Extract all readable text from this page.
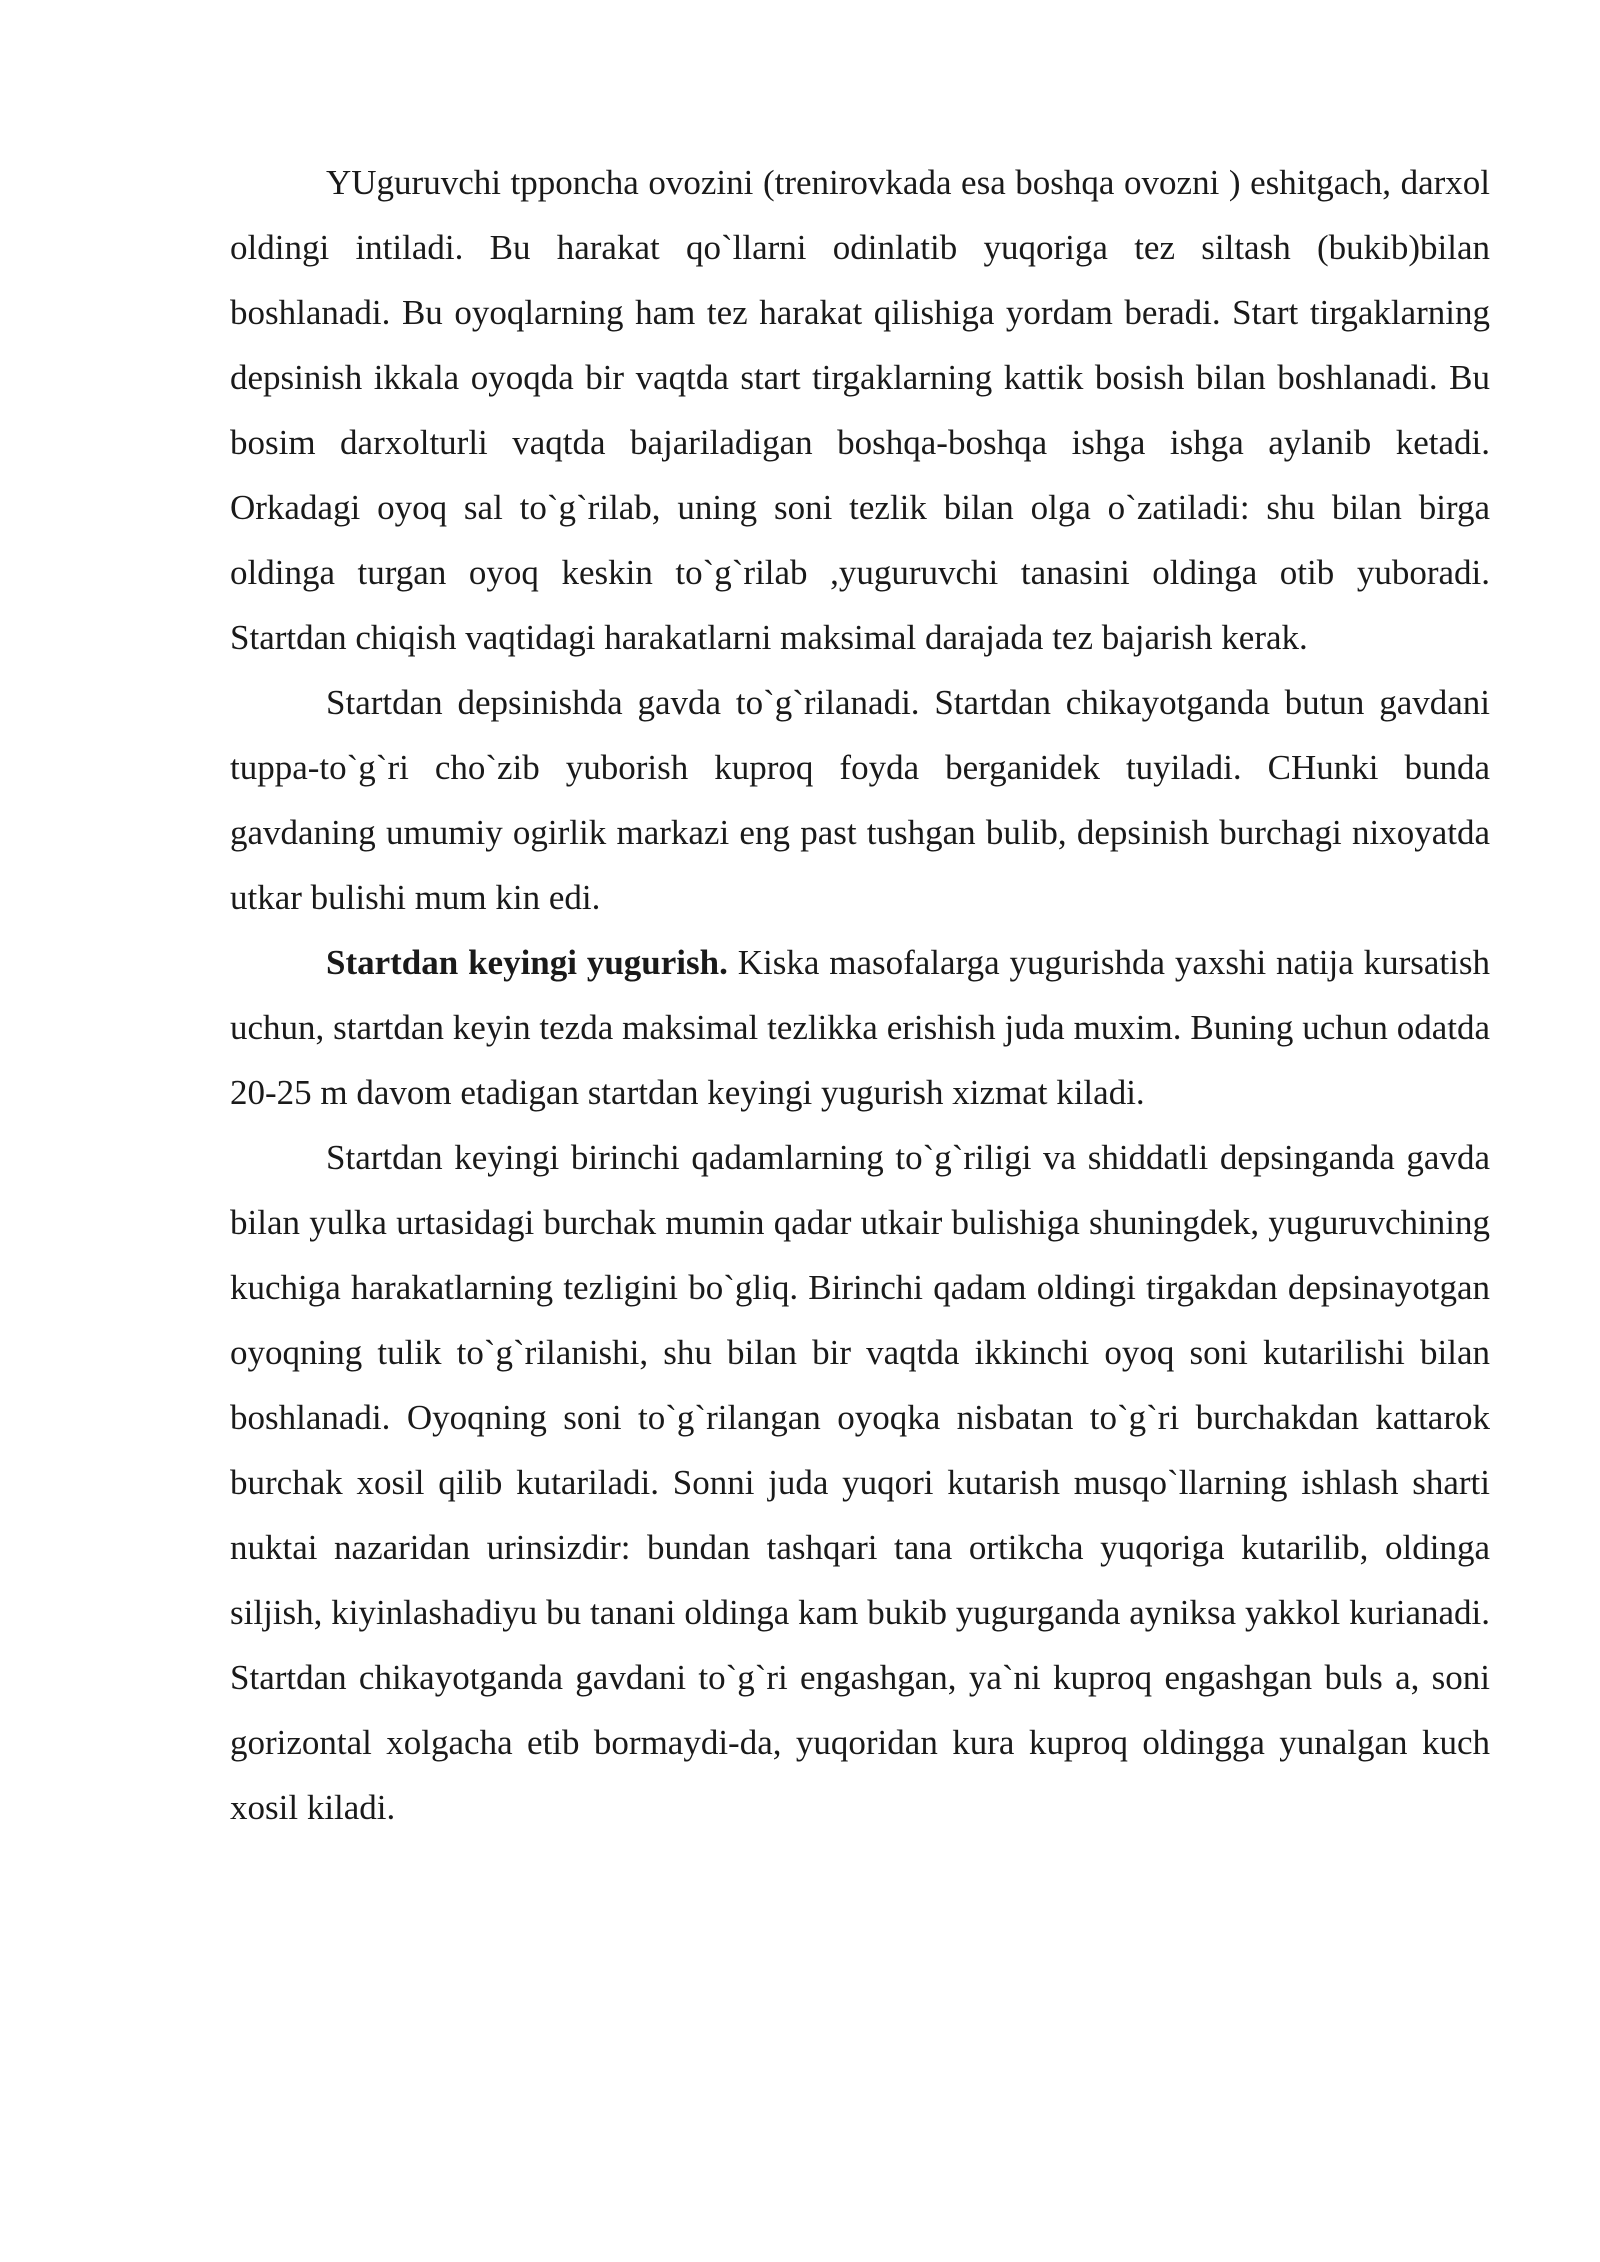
YUguruvchi tpponcha ovozini (trenirovkada esa boshqa ovozni ) eshitgach, darxol oldingi intiladi. Bu harakat qo`llarni odinlatib yuqoriga tez siltash (bukib)bilan boshlanadi. Bu oyoqlarning ham tez harakat qilishiga yordam beradi. Start tirgaklarning depsinish ikkala oyoqda bir vaqtda start tirgaklarning kattik bosish bilan boshlanadi. Bu bosim darxolturli vaqtda bajariladigan boshqa-boshqa ishga ishga aylanib ketadi. Orkadagi oyoq sal to`g`rilab, uning soni tezlik bilan olga o`zatiladi: shu bilan birga oldinga turgan oyoq keskin to`g`rilab ,yuguruvchi tanasini oldinga otib yuboradi. Startdan chiqish vaqtidagi harakatlarni maksimal darajada tez bajarish kerak.

Startdan depsinishda gavda to`g`rilanadi. Startdan chikayotganda butun gavdani tuppa-to`g`ri cho`zib yuborish kuproq foyda berganidek tuyiladi. CHunki bunda gavdaning umumiy ogirlik markazi eng past tushgan bulib, depsinish burchagi nixoyatda utkar bulishi mum kin edi.

Startdan keyingi yugurish. Kiska masofalarga yugurishda yaxshi natija kursatish uchun, startdan keyin tezda maksimal tezlikka erishish juda muxim. Buning uchun odatda 20-25 m davom etadigan startdan keyingi yugurish xizmat kiladi.

Startdan keyingi birinchi qadamlarning to`g`riligi va shiddatli depsinganda gavda bilan yulka urtasidagi burchak mumin qadar utkair bulishiga shuningdek, yuguruvchining kuchiga harakatlarning tezligini bo`gliq. Birinchi qadam oldingi tirgakdan depsinayotgan oyoqning tulik to`g`rilanishi, shu bilan bir vaqtda ikkinchi oyoq soni kutarilishi bilan boshlanadi. Oyoqning soni to`g`rilangan oyoqka nisbatan to`g`ri burchakdan kattarok burchak xosil qilib kutariladi. Sonni juda yuqori kutarish musqo`llarning ishlash sharti nuktai nazaridan urinsizdir: bundan tashqari tana ortikcha yuqoriga kutarilib, oldinga siljish, kiyinlashadiyu bu tanani oldinga kam bukib yugurganda ayniksa yakkol kurianadi. Startdan chikayotganda gavdani to`g`ri engashgan, ya`ni kuproq engashgan buls a, soni gorizontal xolgacha etib bormaydi-da, yuqoridan kura kuproq oldingga yunalgan kuch xosil kiladi.
